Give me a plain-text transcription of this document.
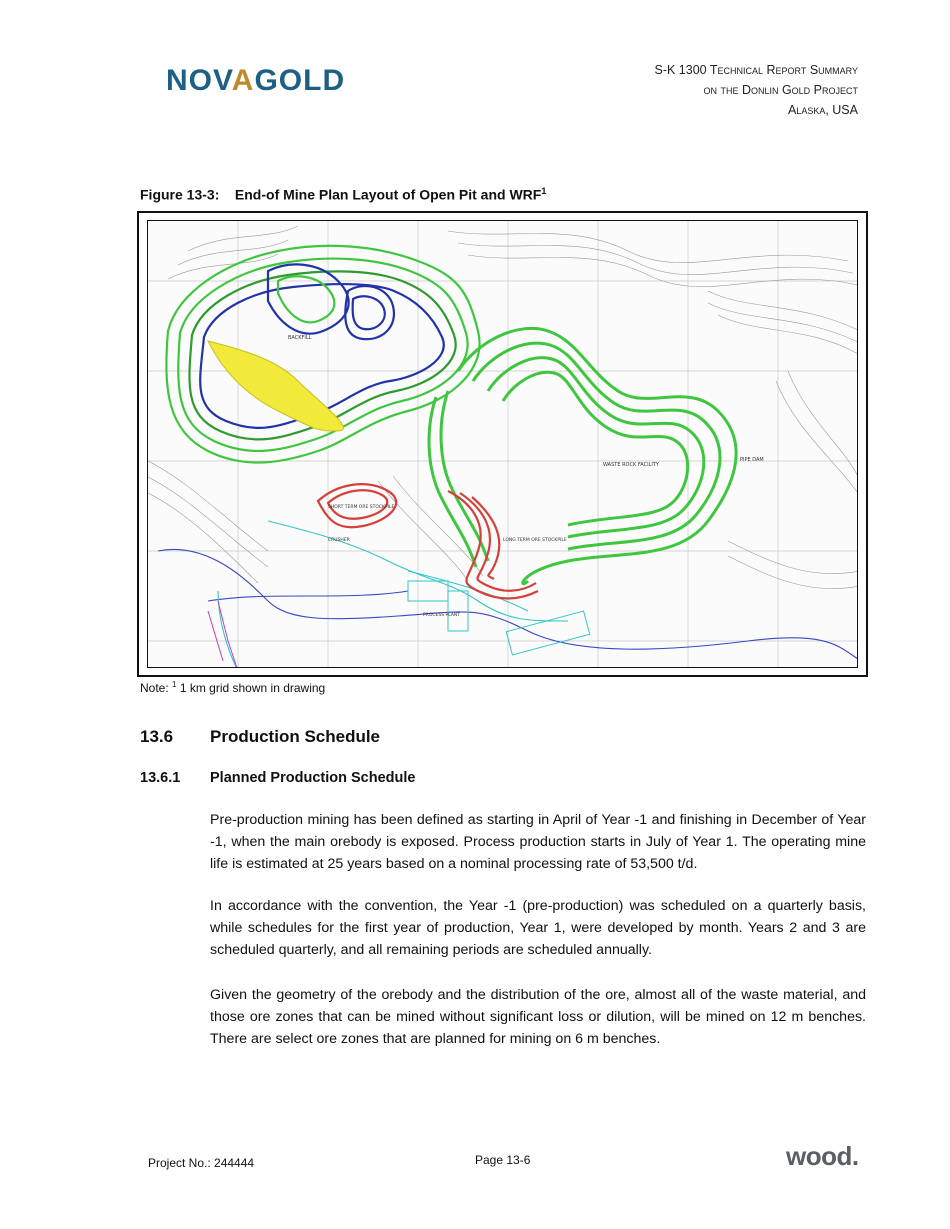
NOVAGOLD	S-K 1300 Technical Report Summary
on the Donlin Gold Project
Alaska, USA
Figure 13-3:    End-of Mine Plan Layout of Open Pit and WRF$^1$
BACKFILL
WASTE ROCK FACILITY
PIPE DAM
SHORT TERM ORE STOCKPILE
LONG TERM ORE STOCKPILE
PROCESS PLANT
CRUSHER
Note: $^1$ 1 km grid shown in drawing
13.6 Production Schedule
13.6.1 Planned Production Schedule
Pre-production mining has been defined as starting in April of Year -1 and finishing in December of Year -1, when the main orebody is exposed. Process production starts in July of Year 1. The operating mine life is estimated at 25 years based on a nominal processing rate of 53,500 t/d.
In accordance with the convention, the Year -1 (pre-production) was scheduled on a quarterly basis, while schedules for the first year of production, Year 1, were developed by month. Years 2 and 3 are scheduled quarterly, and all remaining periods are scheduled annually.
Given the geometry of the orebody and the distribution of the ore, almost all of the waste material, and those ore zones that can be mined without significant loss or dilution, will be mined on 12 m benches. There are select ore zones that are planned for mining on 6 m benches.
Project No.: 244444	Page 13-6	wood.
